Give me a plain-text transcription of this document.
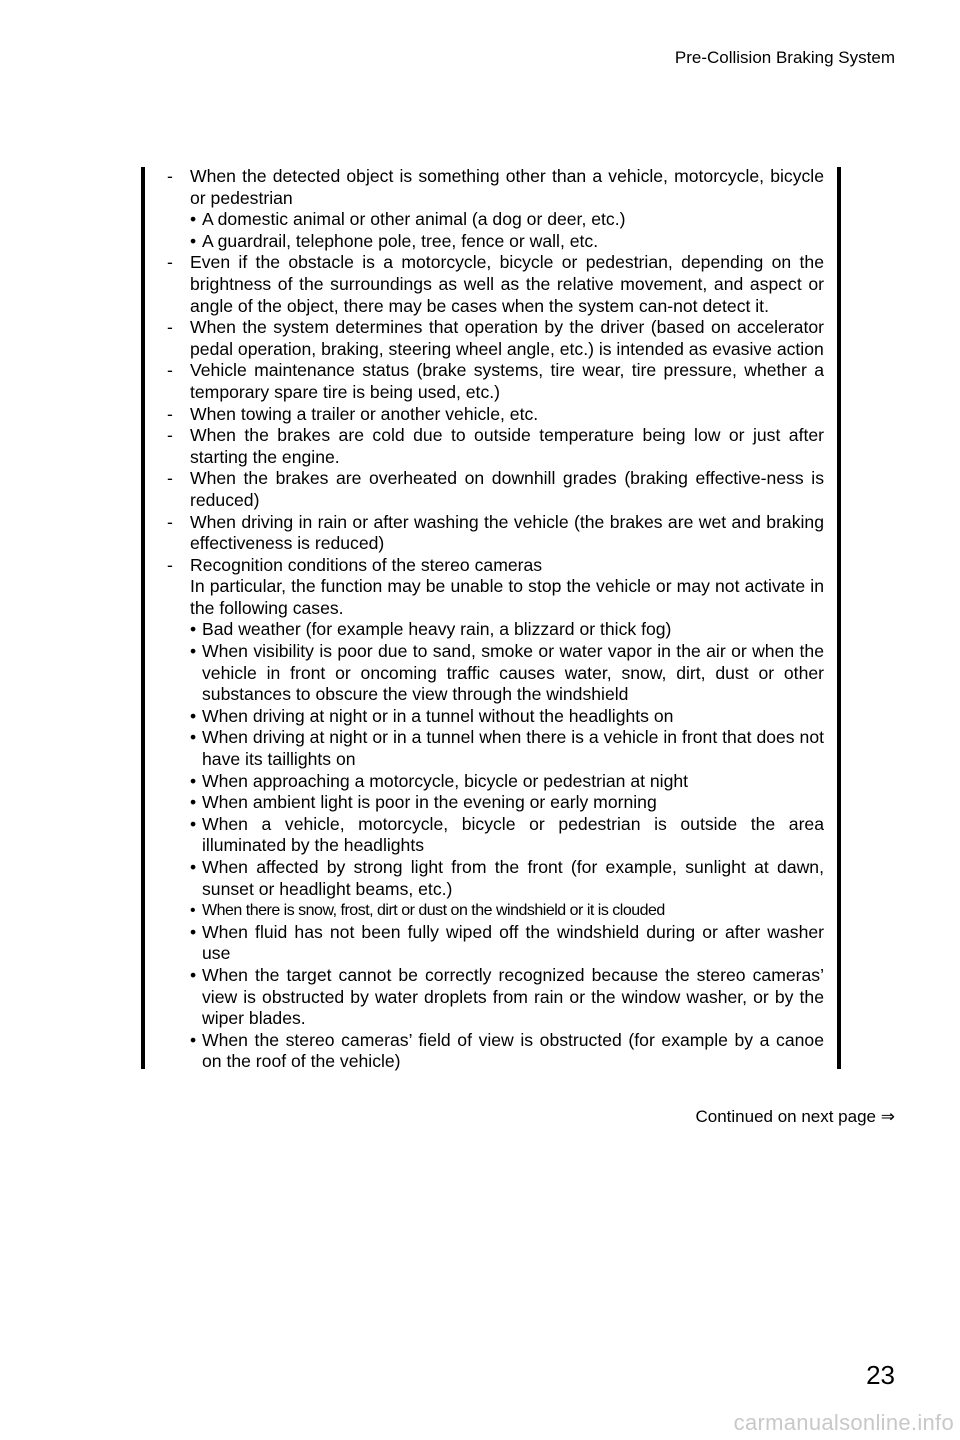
Pre-Collision Braking System
- When the detected object is something other than a vehicle, motorcycle, bicycle or pedestrian
• A domestic animal or other animal (a dog or deer, etc.)
• A guardrail, telephone pole, tree, fence or wall, etc.
- Even if the obstacle is a motorcycle, bicycle or pedestrian, depending on the brightness of the surroundings as well as the relative movement, and aspect or angle of the object, there may be cases when the system can-not detect it.
- When the system determines that operation by the driver (based on accelerator pedal operation, braking, steering wheel angle, etc.) is intended as evasive action
- Vehicle maintenance status (brake systems, tire wear, tire pressure, whether a temporary spare tire is being used, etc.)
- When towing a trailer or another vehicle, etc.
- When the brakes are cold due to outside temperature being low or just after starting the engine.
- When the brakes are overheated on downhill grades (braking effective-ness is reduced)
- When driving in rain or after washing the vehicle (the brakes are wet and braking effectiveness is reduced)
- Recognition conditions of the stereo cameras
In particular, the function may be unable to stop the vehicle or may not activate in the following cases.
• Bad weather (for example heavy rain, a blizzard or thick fog)
• When visibility is poor due to sand, smoke or water vapor in the air or when the vehicle in front or oncoming traffic causes water, snow, dirt, dust or other substances to obscure the view through the windshield
• When driving at night or in a tunnel without the headlights on
• When driving at night or in a tunnel when there is a vehicle in front that does not have its taillights on
• When approaching a motorcycle, bicycle or pedestrian at night
• When ambient light is poor in the evening or early morning
• When a vehicle, motorcycle, bicycle or pedestrian is outside the area illuminated by the headlights
• When affected by strong light from the front (for example, sunlight at dawn, sunset or headlight beams, etc.)
• When there is snow, frost, dirt or dust on the windshield or it is clouded
• When fluid has not been fully wiped off the windshield during or after washer use
• When the target cannot be correctly recognized because the stereo cameras’ view is obstructed by water droplets from rain or the window washer, or by the wiper blades.
• When the stereo cameras’ field of view is obstructed (for example by a canoe on the roof of the vehicle)
Continued on next page ⇒
23
carmanualsonline.info
